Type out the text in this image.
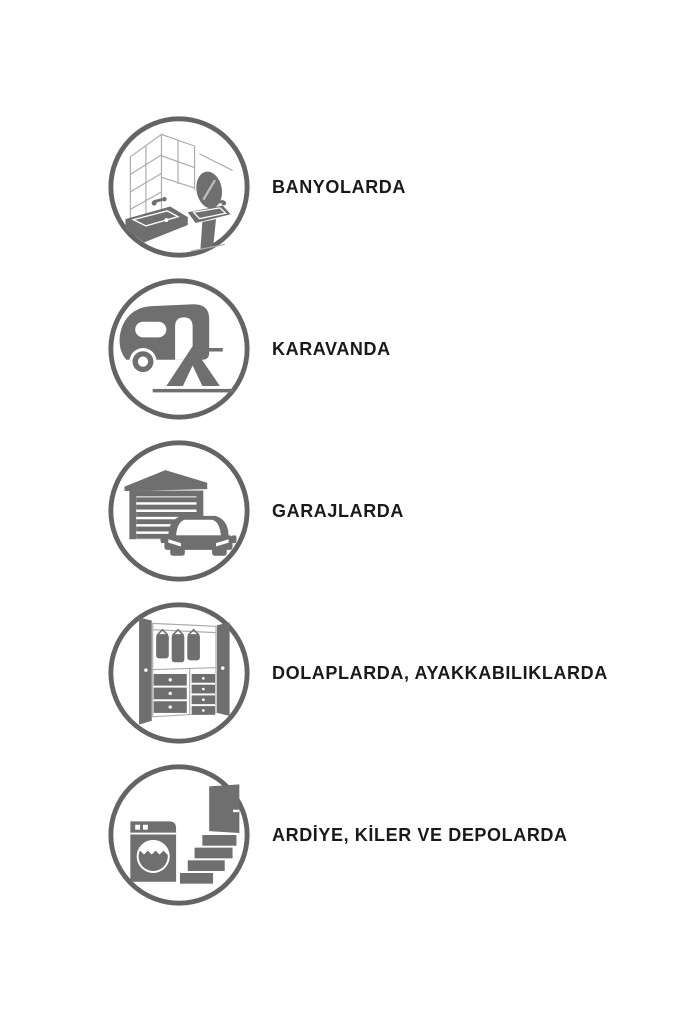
BANYOLARDA
KARAVANDA
GARAJLARDA
DOLAPLARDA, AYAKKABILIKLARDA
ARDİYE, KİLER VE DEPOLARDA
